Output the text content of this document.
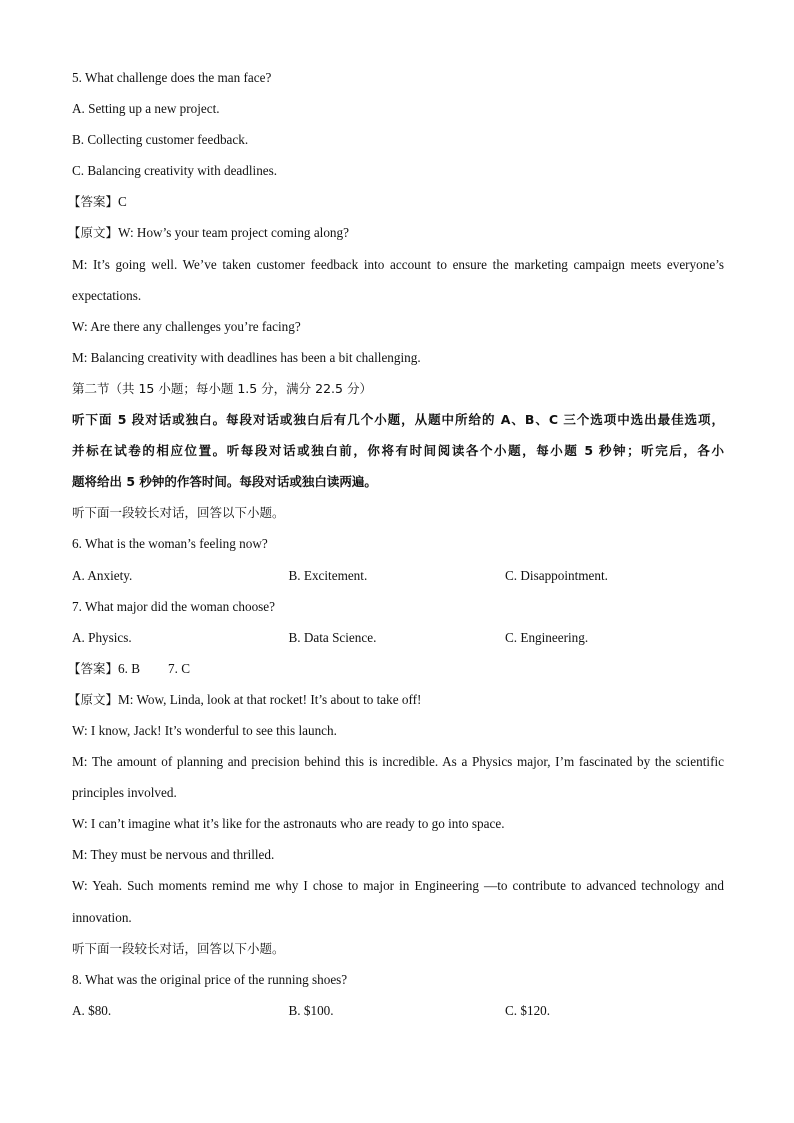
5. What challenge does the man face?
A. Setting up a new project.
B. Collecting customer feedback.
C. Balancing creativity with deadlines.
【答案】C
【原文】W: How’s your team project coming along?
M: It’s going well. We’ve taken customer feedback into account to ensure the marketing campaign meets everyone’s
expectations.
W: Are there any challenges you’re facing?
M: Balancing creativity with deadlines has been a bit challenging.
第二节（共 15 小题；每小题 1.5 分，满分 22.5 分）
听下面 5 段对话或独白。每段对话或独白后有几个小题，从题中所给的 A、B、C 三个选项中选出最佳选项，
并标在试卷的相应位置。听每段对话或独白前，你将有时间阅读各个小题，每小题 5 秒钟；听完后，各小
题将给出 5 秒钟的作答时间。每段对话或独白读两遍。
听下面一段较长对话，回答以下小题。
6. What is the woman’s feeling now?
A. Anxiety.	B. Excitement.	C. Disappointment.
7. What major did the woman choose?
A. Physics.	B. Data Science.	C. Engineering.
【答案】6. B 7. C
【原文】M: Wow, Linda, look at that rocket! It’s about to take off!
W: I know, Jack! It’s wonderful to see this launch.
M: The amount of planning and precision behind this is incredible. As a Physics major, I’m fascinated by the scientific
principles involved.
W: I can’t imagine what it’s like for the astronauts who are ready to go into space.
M: They must be nervous and thrilled.
W: Yeah. Such moments remind me why I chose to major in Engineering —to contribute to advanced technology and
innovation.
听下面一段较长对话，回答以下小题。
8. What was the original price of the running shoes?
A. $80.	B. $100.	C. $120.
